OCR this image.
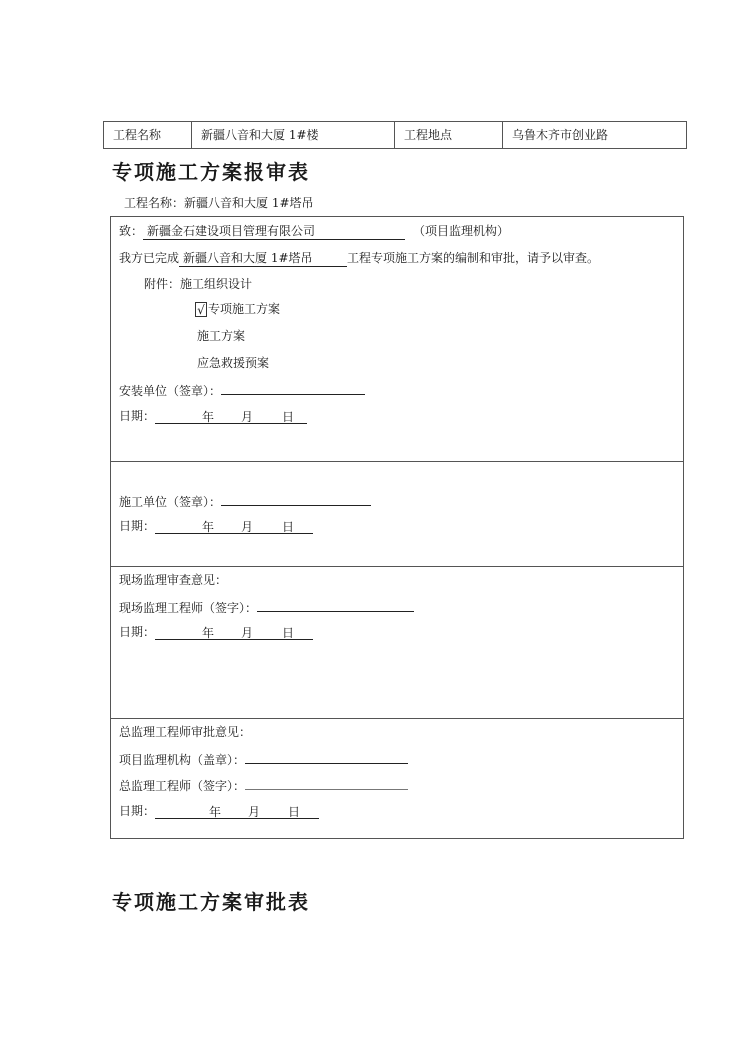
工程名称	新疆八音和大厦 1#楼	工程地点	乌鲁木齐市创业路
专项施工方案报审表
工程名称：新疆八音和大厦 1#塔吊
致： 新疆金石建设项目管理有限公司	（项目监理机构）
我方已完成 新疆八音和大厦 1#塔吊	工程专项施工方案的编制和审批，请予以审查。
附件：施工组织设计
√ 专项施工方案
施工方案
应急救援预案
安装单位（签章）：
日期：	年 月 日
施工单位（签章）：
日期：	年 月 日
现场监理审查意见：
现场监理工程师（签字）：
日期：	年 月 日
总监理工程师审批意见：
项目监理机构（盖章）：
总监理工程师（签字）：
日期：	年 月 日
专项施工方案审批表
